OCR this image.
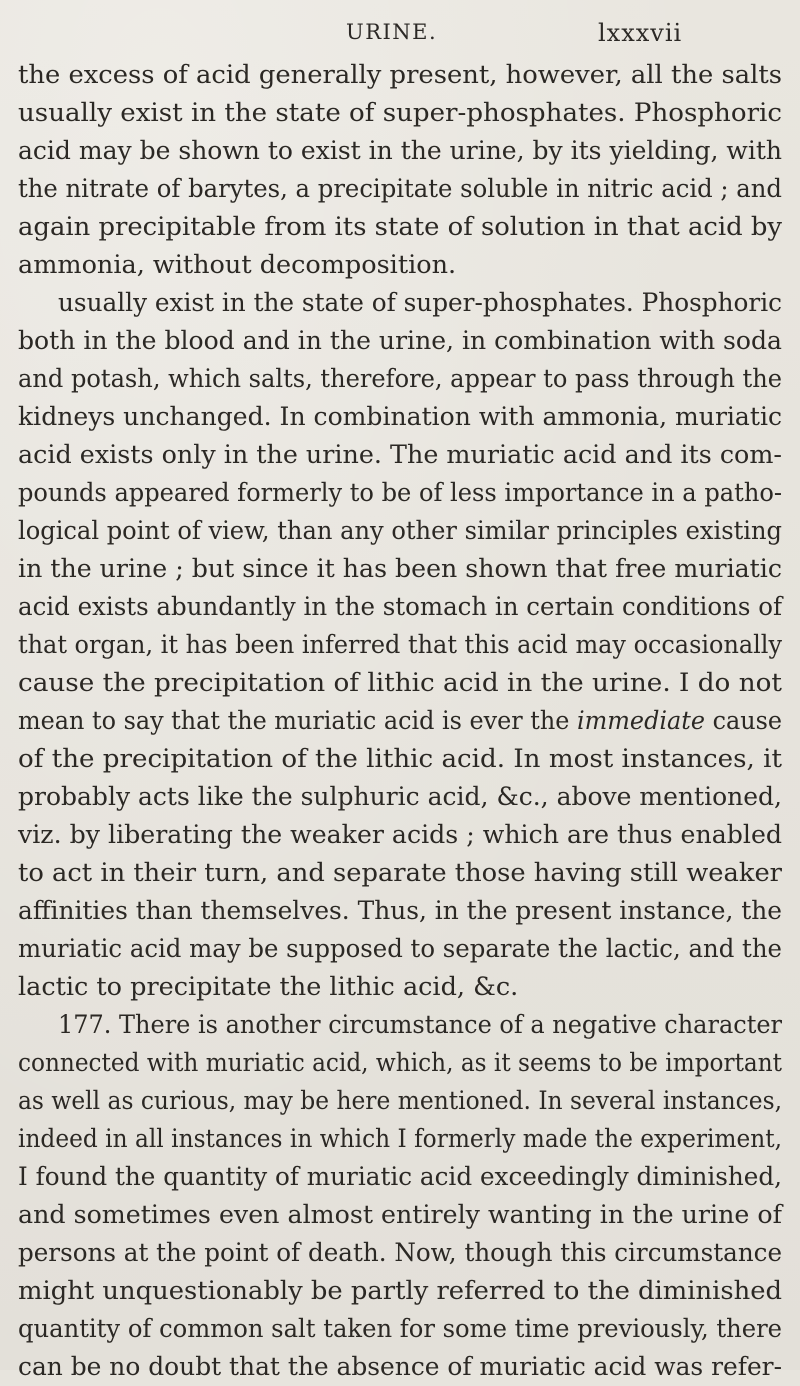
URINE.	lxxxvii
the excess of acid generally present, however, all the salts
usually exist in the state of super-phosphates. Phosphoric
acid may be shown to exist in the urine, by its yielding, with
the nitrate of barytes, a precipitate soluble in nitric acid ; and
again precipitable from its state of solution in that acid by
ammonia, without decomposition.
usually exist in the state of super-phosphates. Phosphoric
both in the blood and in the urine, in combination with soda
and potash, which salts, therefore, appear to pass through the
kidneys unchanged. In combination with ammonia, muriatic
acid exists only in the urine. The muriatic acid and its com-
pounds appeared formerly to be of less importance in a patho-
logical point of view, than any other similar principles existing
in the urine ; but since it has been shown that free muriatic
acid exists abundantly in the stomach in certain conditions of
that organ, it has been inferred that this acid may occasionally
cause the precipitation of lithic acid in the urine. I do not
mean to say that the muriatic acid is ever the immediate cause
of the precipitation of the lithic acid. In most instances, it
probably acts like the sulphuric acid, &c., above mentioned,
viz. by liberating the weaker acids ; which are thus enabled
to act in their turn, and separate those having still weaker
affinities than themselves. Thus, in the present instance, the
muriatic acid may be supposed to separate the lactic, and the
lactic to precipitate the lithic acid, &c.
177. There is another circumstance of a negative character
connected with muriatic acid, which, as it seems to be important
as well as curious, may be here mentioned. In several instances,
indeed in all instances in which I formerly made the experiment,
I found the quantity of muriatic acid exceedingly diminished,
and sometimes even almost entirely wanting in the urine of
persons at the point of death. Now, though this circumstance
might unquestionably be partly referred to the diminished
quantity of common salt taken for some time previously, there
can be no doubt that the absence of muriatic acid was refer-
